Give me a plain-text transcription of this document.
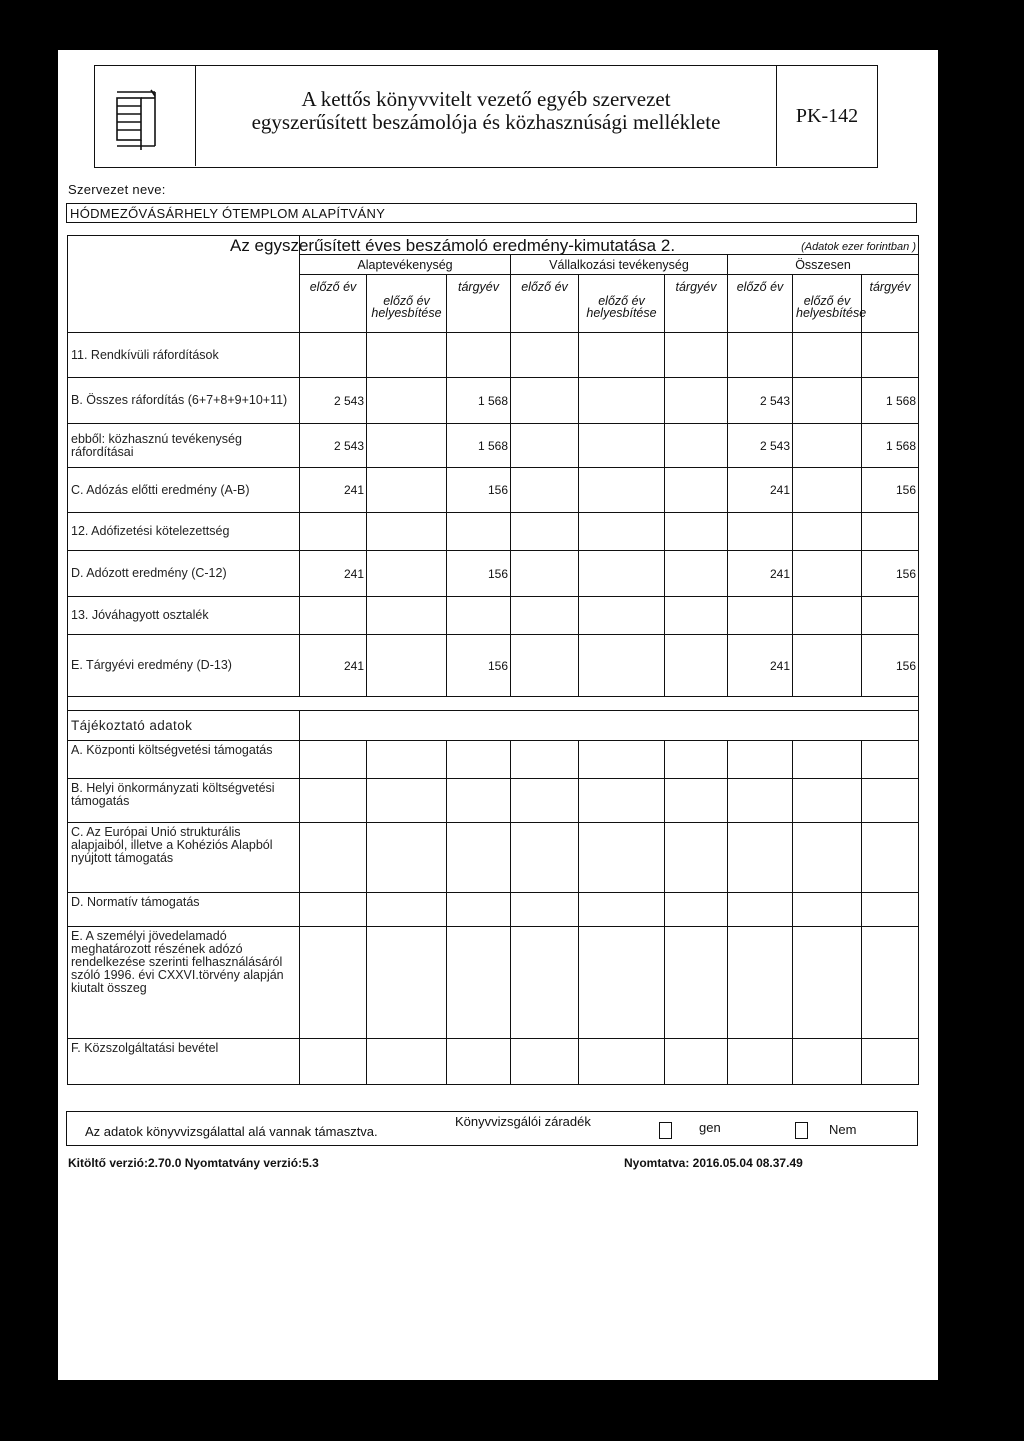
A kettős könyvvitelt vezető egyéb szervezet
egyszerűsített beszámolója és közhasznúsági melléklete	PK-142
Szervezet neve:
HÓDMEZŐVÁSÁRHELY ÓTEMPLOM ALAPÍTVÁNY

	Az egyszerűsített éves beszámoló eredmény-kimutatása 2. (Adatok ezer forintban )								

	Alaptevékenység			Vállalkozási tevékenység			Összesen		
	előző év	előző év helyesbítése	tárgyév	előző év	előző év helyesbítése	tárgyév	előző év	előző év helyesbítése	tárgyév
11. Rendkívüli ráfordítások									
B. Összes ráfordítás (6+7+8+9+10+11)	2 543		1 568				2 543		1 568
ebből: közhasznú tevékenység ráfordításai	2 543		1 568				2 543		1 568
C. Adózás előtti eredmény (A-B)	241		156				241		156
12. Adófizetési kötelezettség									
D. Adózott eredmény (C-12)	241		156				241		156
13. Jóváhagyott osztalék									
E. Tárgyévi eredmény (D-13)	241		156				241		156

Tájékoztató adatok									
A. Központi költségvetési támogatás									
B. Helyi önkormányzati költségvetési támogatás									
C. Az Európai Unió strukturális alapjaiból, illetve a Kohéziós Alapból nyújtott támogatás									
D. Normatív támogatás									
E. A személyi jövedelamadó meghatározott részének adózó rendelkezése szerinti felhasználásáról szóló 1996. évi CXXVI.törvény alapján kiutalt összeg									
F. Közszolgáltatási bevétel									
Az adatok könyvvizsgálattal alá vannak támasztva.
Könyvvizsgálói záradék	gen	Nem
Kitöltő verzió:2.70.0 Nyomtatvány verzió:5.3	Nyomtatva: 2016.05.04 08.37.49
